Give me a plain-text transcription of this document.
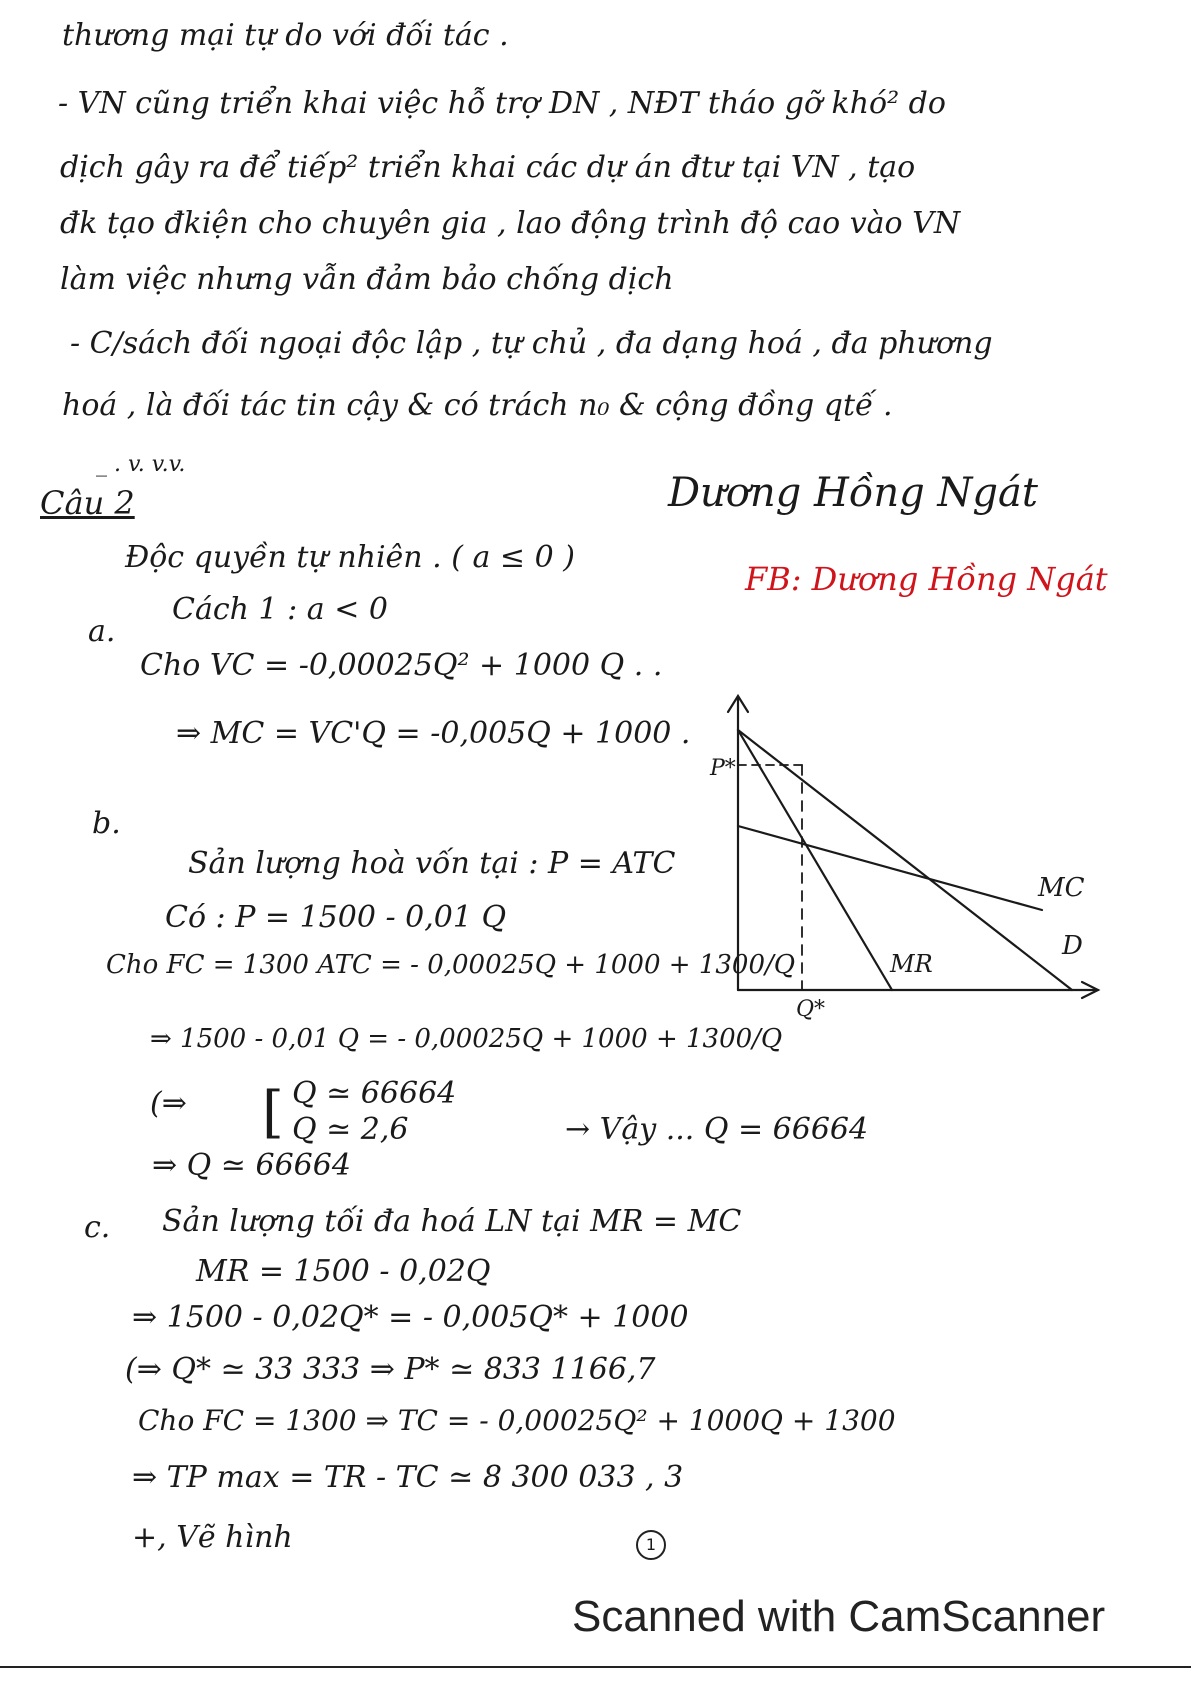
thương mại tự do với đối tác .
- VN cũng triển khai việc hỗ trợ DN , NĐT tháo gỡ khó² do
dịch gây ra để tiếp² triển khai các dự án đtư tại VN , tạo
đk tạo đkiện cho chuyên gia , lao động trình độ cao vào VN
làm việc nhưng vẫn đảm bảo chống dịch
- C/sách đối ngoại độc lập , tự chủ , đa dạng hoá , đa phương
hoá , là đối tác tin cậy & có trách n₀ & cộng đồng qtế .
_ . v. v.v.
Câu 2
Độc quyền tự nhiên . ( a ≤ 0 )
Cách 1 : a < 0
Dương Hồng Ngát
FB: Dương Hồng Ngát
a.
Cho VC = -0,00025Q² + 1000 Q . .
⇒ MC = VC'Q = -0,005Q + 1000 .
b.
Sản lượng hoà vốn tại : P = ATC
Có : P = 1500 - 0,01 Q
Cho FC = 1300 ATC = - 0,00025Q + 1000 + 1300/Q
⇒ 1500 - 0,01 Q = - 0,00025Q + 1000 + 1300/Q
(⇒ [ Q ≃ 66664
Q ≃ 2,6	→ Vậy ... Q = 66664
⇒ Q ≃ 66664
c. Sản lượng tối đa hoá LN tại MR = MC
MR = 1500 - 0,02Q
⇒ 1500 - 0,02Q* = - 0,005Q* + 1000
(⇒ Q* ≃ 33 333 ⇒ P* ≃ 833 1166,7
Cho FC = 1300 ⇒ TC = - 0,00025Q² + 1000Q + 1300
⇒ TP max = TR - TC ≃ 8 300 033 , 3
+, Vẽ hình
P*
Q*
MC
MR
D
1
Scanned with CamScanner
